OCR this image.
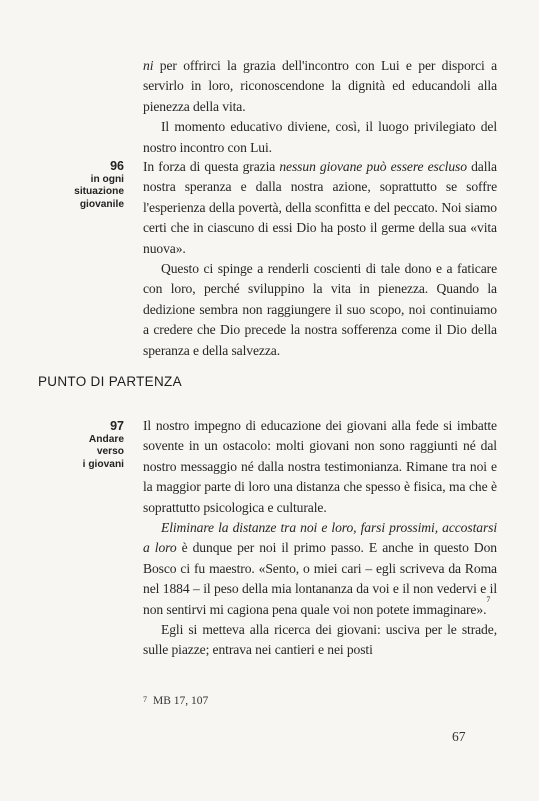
ni per offrirci la grazia dell'incontro con Lui e per disporci a servirlo in loro, riconoscendone la dignità ed educandoli alla pienezza della vita.

Il momento educativo diviene, così, il luogo privilegiato del nostro incontro con Lui.

96
in ogni
situazione
giovanile

In forza di questa grazia nessun giovane può essere escluso dalla nostra speranza e dalla nostra azione, soprattutto se soffre l'esperienza della povertà, della sconfitta e del peccato. Noi siamo certi che in ciascuno di essi Dio ha posto il germe della sua «vita nuova».

Questo ci spinge a renderli coscienti di tale dono e a faticare con loro, perché sviluppino la vita in pienezza. Quando la dedizione sembra non raggiungere il suo scopo, noi continuiamo a credere che Dio precede la nostra sofferenza come il Dio della speranza e della salvezza.

PUNTO DI PARTENZA
97
Andare
verso
i giovani

Il nostro impegno di educazione dei giovani alla fede si imbatte sovente in un ostacolo: molti giovani non sono raggiunti né dal nostro messaggio né dalla nostra testimonianza. Rimane tra noi e la maggior parte di loro una distanza che spesso è fisica, ma che è soprattutto psicologica e culturale.

Eliminare la distanze tra noi e loro, farsi prossimi, accostarsi a loro è dunque per noi il primo passo. E anche in questo Don Bosco ci fu maestro. «Sento, o miei cari – egli scriveva da Roma nel 1884 – il peso della mia lontananza da voi e il non vedervi e il non sentirvi mi cagiona pena quale voi non potete immaginare».$^7$

Egli si metteva alla ricerca dei giovani: usciva per le strade, sulle piazze; entrava nei cantieri e nei posti

$^7$ MB 17, 107
67
